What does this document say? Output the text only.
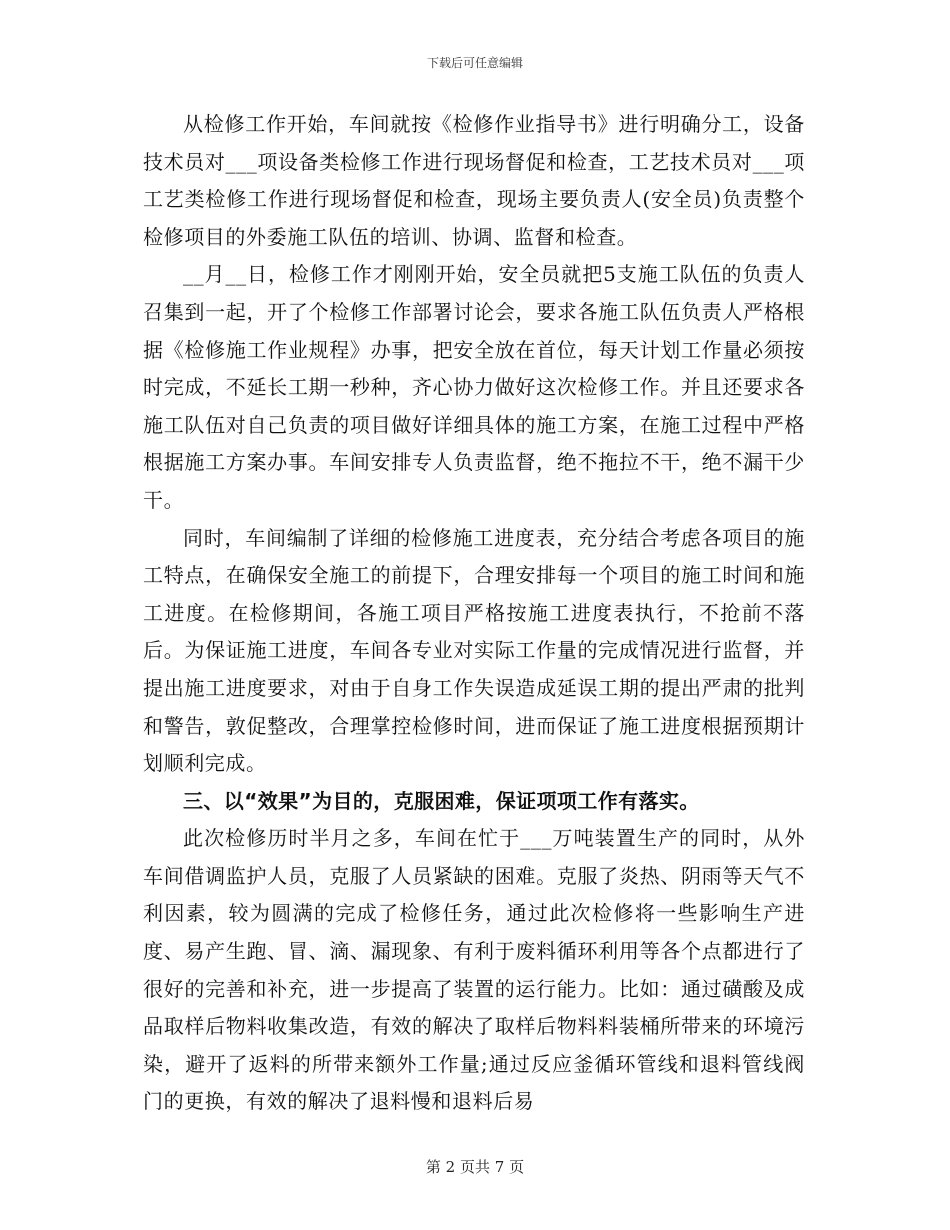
下载后可任意编辑

从检修工作开始，车间就按《检修作业指导书》进行明确分工，设备技术员对___项设备类检修工作进行现场督促和检查，工艺技术员对___项工艺类检修工作进行现场督促和检查，现场主要负责人(安全员)负责整个检修项目的外委施工队伍的培训、协调、监督和检查。

__月__日，检修工作才刚刚开始，安全员就把5支施工队伍的负责人召集到一起，开了个检修工作部署讨论会，要求各施工队伍负责人严格根据《检修施工作业规程》办事，把安全放在首位，每天计划工作量必须按时完成，不延长工期一秒种，齐心协力做好这次检修工作。并且还要求各施工队伍对自己负责的项目做好详细具体的施工方案，在施工过程中严格根据施工方案办事。车间安排专人负责监督，绝不拖拉不干，绝不漏干少干。

同时，车间编制了详细的检修施工进度表，充分结合考虑各项目的施工特点，在确保安全施工的前提下，合理安排每一个项目的施工时间和施工进度。在检修期间，各施工项目严格按施工进度表执行，不抢前不落后。为保证施工进度，车间各专业对实际工作量的完成情况进行监督，并提出施工进度要求，对由于自身工作失误造成延误工期的提出严肃的批判和警告，敦促整改，合理掌控检修时间，进而保证了施工进度根据预期计划顺利完成。

三、以“效果”为目的，克服困难，保证项项工作有落实。

此次检修历时半月之多，车间在忙于___万吨装置生产的同时，从外车间借调监护人员，克服了人员紧缺的困难。克服了炎热、阴雨等天气不利因素，较为圆满的完成了检修任务，通过此次检修将一些影响生产进度、易产生跑、冒、滴、漏现象、有利于废料循环利用等各个点都进行了很好的完善和补充，进一步提高了装置的运行能力。比如：通过磺酸及成品取样后物料收集改造，有效的解决了取样后物料料装桶所带来的环境污染，避开了返料的所带来额外工作量;通过反应釜循环管线和退料管线阀门的更换，有效的解决了退料慢和退料后易

第 2 页共 7 页
